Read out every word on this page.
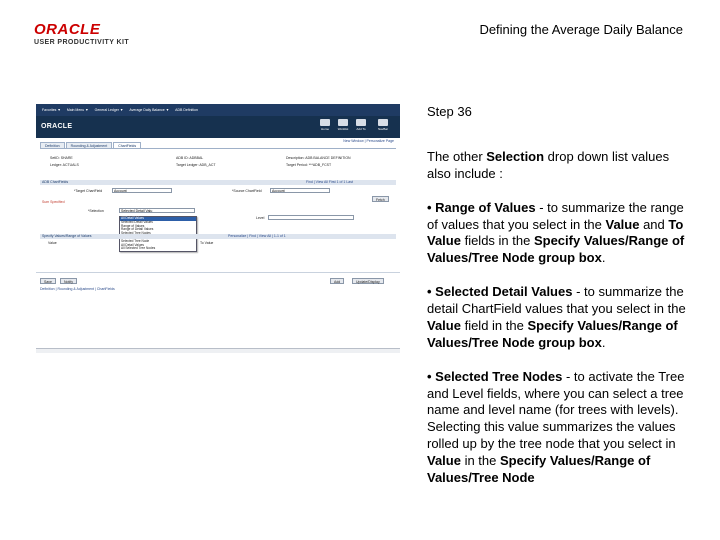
ORACLE
USER PRODUCTIVITY KIT
Defining the Average Daily Balance
Favorites ▼ Main Menu ▼ General Ledger ▼ Average Daily Balance ▼ ADB Definition
ORACLE	Home	Worklist	Add To	NavBar
New Window | Personalize Page
Definition	Rounding & Adjustment	ChartFields
SetID: SHARE	ADB ID: ADBBAL	Description: ADB BALANCE DEFINITION
Ledger: ACTUALS	Target Ledger: ADB_ACT	Target Period: ***ADB_FCST
ADB ChartFields	Find | View All First 1 of 1 Last
*Target ChartField	Account	*Source ChartField	Account
Fetch
Sum Specified
*Selection	Selected Detail Valu
Level
All Detail Values
Selected Detail Values
Range of Values
Range of Detail Values
Selected Tree Node
All Detail Values
All Selected Tree Nodes
Specify Values/Range of Values	Personalize | Find | View All | 1-1 of 1
Value	To Value
Save	Notify	Add	Update/Display
Definition | Rounding & Adjustment | ChartFields

Step 36

The other Selection drop down list values also include :

• Range of Values - to summarize the range of values that you select in the Value and To Value fields in the Specify Values/Range of Values/Tree Node group box.

• Selected Detail Values - to summarize the detail ChartField values that you select in the Value field in the Specify Values/Range of Values/Tree Node group box.

• Selected Tree Nodes - to activate the Tree and Level fields, where you can select a tree name and level name (for trees with levels).

Selecting this value summarizes the values rolled up by the tree node that you select in Value in the Specify Values/Range of Values/Tree Node
